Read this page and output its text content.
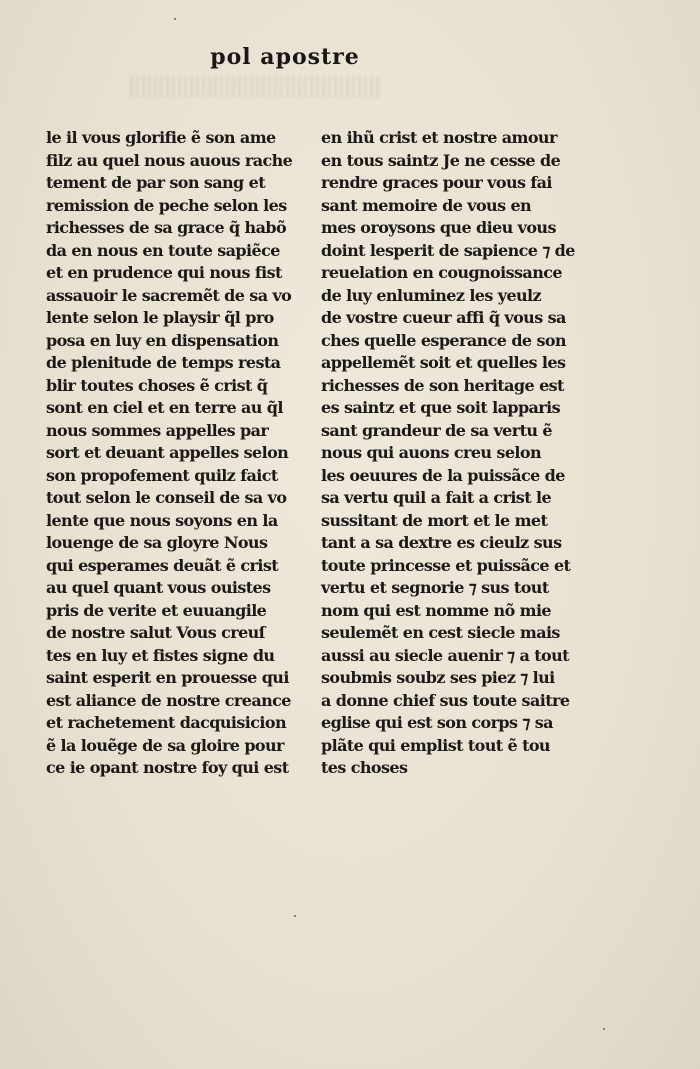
pol apostre
le il vous glorifie ẽ son ame
filz au quel nous auous rache
tement de par son sang et
remission de peche selon les
richesses de sa grace q̃ habõ
da en nous en toute sapiẽce
et en prudence qui nous fist
assauoir le sacremẽt de sa vo
lente selon le playsir q̃l pro
posa en luy en dispensation
de plenitude de temps resta
blir toutes choses ẽ crist q̃
sont en ciel et en terre au q̃l
nous sommes appelles par
sort et deuant appelles selon
son propofement quilz faict
tout selon le conseil de sa vo
lente que nous soyons en la
louenge de sa gloyre Nous
qui esperames deuãt ẽ crist
au quel quant vous ouistes
pris de verite et euuangile
de nostre salut Vous creuſ
tes en luy et fistes signe du
saint esperit en prouesse qui
est aliance de nostre creance
et rachetement dacquisicion
ẽ la louẽge de sa gloire pour
ce ie opant nostre foy qui est
en ihũ crist et nostre amour
en tous saintz Je ne cesse de
rendre graces pour vous fai
sant memoire de vous en
mes oroysons que dieu vous
doint lesperit de sapience ⁊ de
reuelation en cougnoissance
de luy enluminez les yeulz
de vostre cueur affi q̃ vous sa
ches quelle esperance de son
appellemẽt soit et quelles les
richesses de son heritage est
es saintz et que soit lapparis
sant grandeur de sa vertu ẽ
nous qui auons creu selon
les oeuures de la puissãce de
sa vertu quil a fait a crist le
sussitant de mort et le met
tant a sa dextre es cieulz sus
toute princesse et puissãce et
vertu et segnorie ⁊ sus tout
nom qui est nomme nõ mie
seulemẽt en cest siecle mais
aussi au siecle auenir ⁊ a tout
soubmis soubz ses piez ⁊ lui
a donne chief sus toute saitre
eglise qui est son corps ⁊ sa
plãte qui emplist tout ẽ tou
tes choses
